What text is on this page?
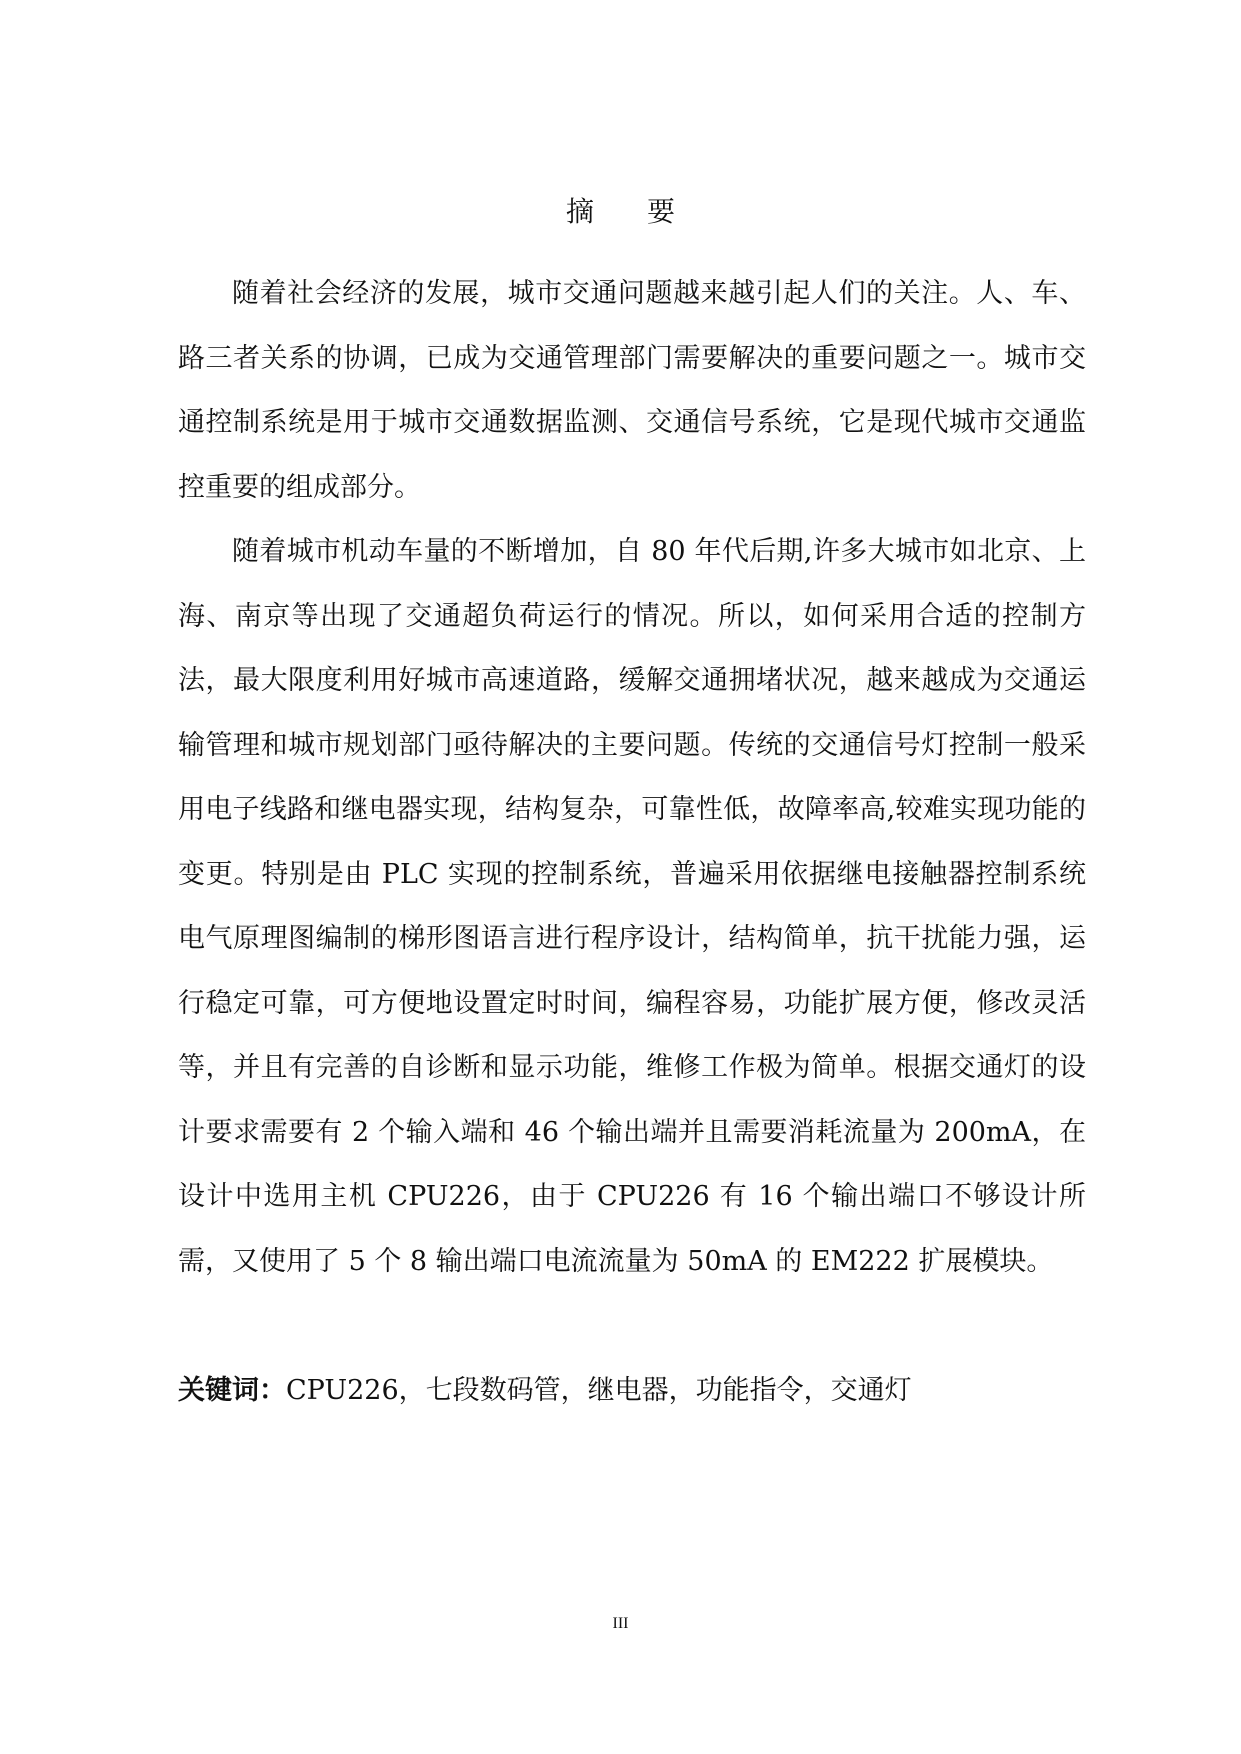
摘 要

随着社会经济的发展，城市交通问题越来越引起人们的关注。人、车、路三者关系的协调，已成为交通管理部门需要解决的重要问题之一。城市交通控制系统是用于城市交通数据监测、交通信号系统，它是现代城市交通监控重要的组成部分。

随着城市机动车量的不断增加，自 80 年代后期,许多大城市如北京、上海、南京等出现了交通超负荷运行的情况。所以，如何采用合适的控制方法，最大限度利用好城市高速道路，缓解交通拥堵状况，越来越成为交通运输管理和城市规划部门亟待解决的主要问题。传统的交通信号灯控制一般采用电子线路和继电器实现，结构复杂，可靠性低，故障率高,较难实现功能的变更。特别是由 PLC 实现的控制系统，普遍采用依据继电接触器控制系统电气原理图编制的梯形图语言进行程序设计，结构简单，抗干扰能力强，运行稳定可靠，可方便地设置定时时间，编程容易，功能扩展方便，修改灵活等，并且有完善的自诊断和显示功能，维修工作极为简单。根据交通灯的设计要求需要有 2 个输入端和 46 个输出端并且需要消耗流量为 200mA，在设计中选用主机 CPU226，由于 CPU226 有 16 个输出端口不够设计所需，又使用了 5 个 8 输出端口电流流量为 50mA 的 EM222 扩展模块。

关键词：CPU226，七段数码管，继电器，功能指令，交通灯
III
